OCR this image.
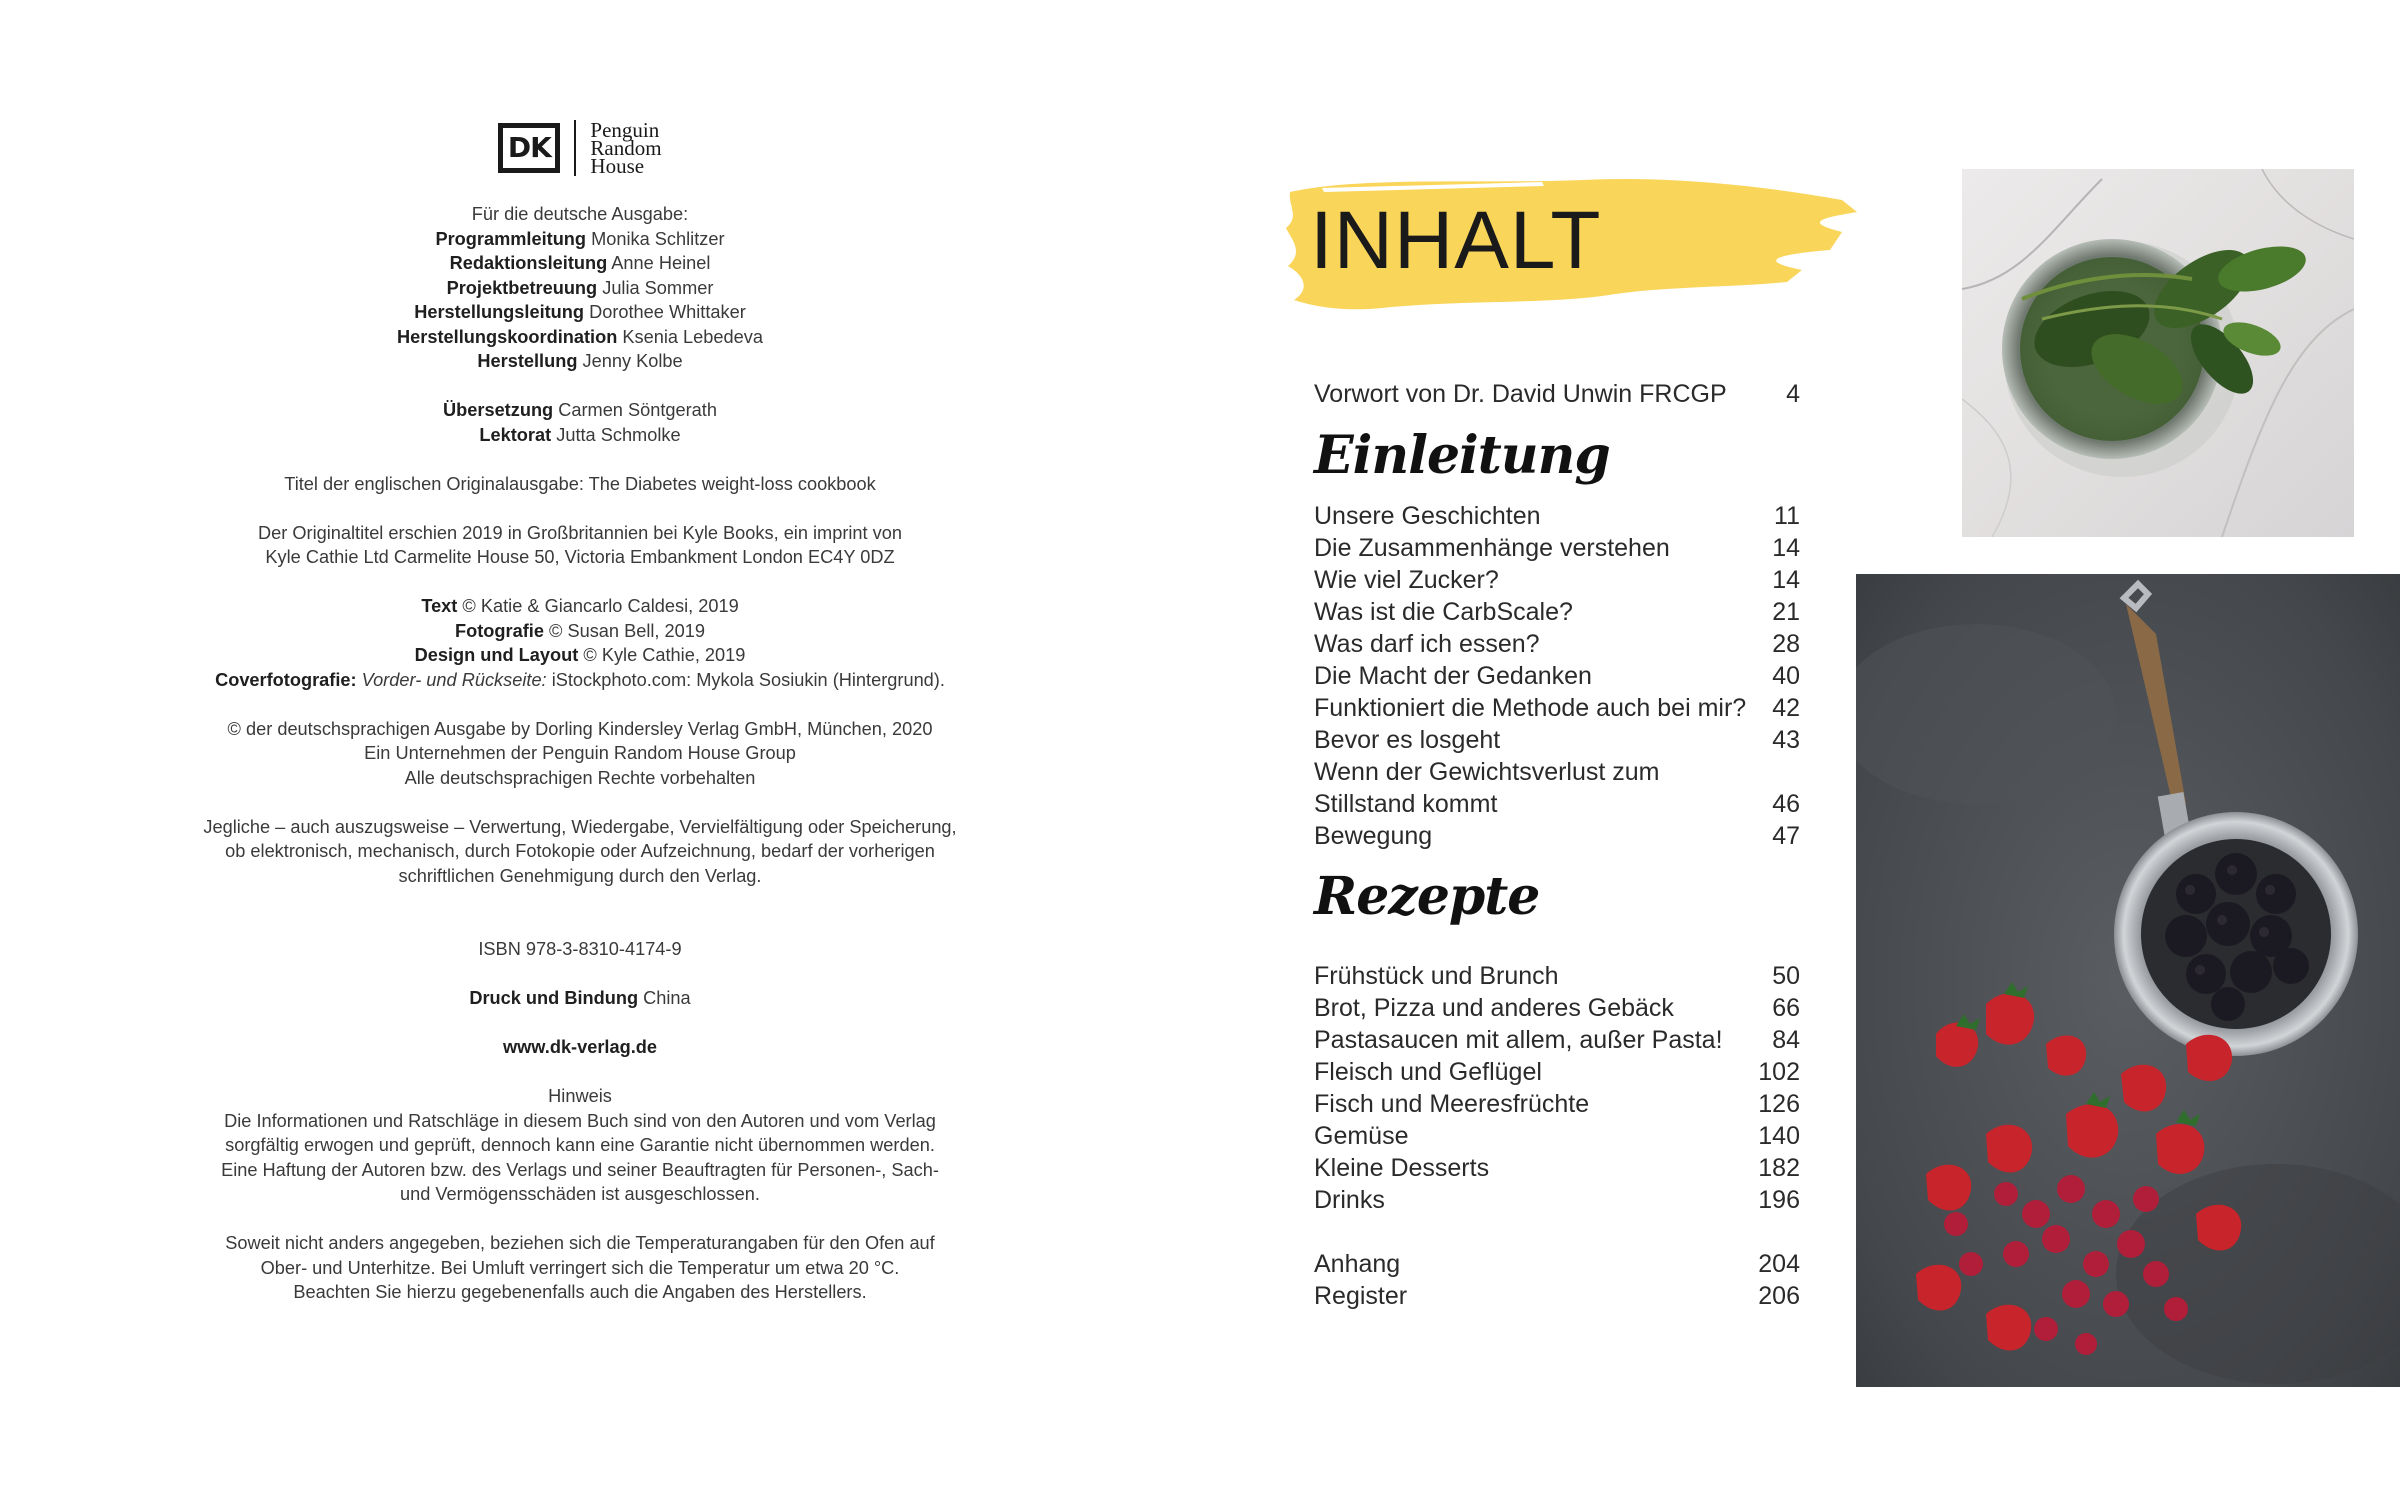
DK
Penguin
Random
House

Für die deutsche Ausgabe:
Programmleitung Monika Schlitzer
Redaktionsleitung Anne Heinel
Projektbetreuung Julia Sommer
Herstellungsleitung Dorothee Whittaker
Herstellungskoordination Ksenia Lebedeva
Herstellung Jenny Kolbe

Übersetzung Carmen Söntgerath
Lektorat Jutta Schmolke

Titel der englischen Originalausgabe: The Diabetes weight-loss cookbook

Der Originaltitel erschien 2019 in Großbritannien bei Kyle Books, ein imprint von
Kyle Cathie Ltd Carmelite House 50, Victoria Embankment London EC4Y 0DZ

Text © Katie & Giancarlo Caldesi, 2019
Fotografie © Susan Bell, 2019
Design und Layout © Kyle Cathie, 2019
Coverfotografie: Vorder- und Rückseite: iStockphoto.com: Mykola Sosiukin (Hintergrund).

© der deutschsprachigen Ausgabe by Dorling Kindersley Verlag GmbH, München, 2020
Ein Unternehmen der Penguin Random House Group
Alle deutschsprachigen Rechte vorbehalten

Jegliche – auch auszugsweise – Verwertung, Wiedergabe, Vervielfältigung oder Speicherung,
ob elektronisch, mechanisch, durch Fotokopie oder Aufzeichnung, bedarf der vorherigen
schriftlichen Genehmigung durch den Verlag.

ISBN 978-3-8310-4174-9

Druck und Bindung China

www.dk-verlag.de

Hinweis
Die Informationen und Ratschläge in diesem Buch sind von den Autoren und vom Verlag
sorgfältig erwogen und geprüft, dennoch kann eine Garantie nicht übernommen werden.
Eine Haftung der Autoren bzw. des Verlags und seiner Beauftragten für Personen-, Sach-
und Vermögensschäden ist ausgeschlossen.

Soweit nicht anders angegeben, beziehen sich die Temperaturangaben für den Ofen auf
Ober- und Unterhitze. Bei Umluft verringert sich die Temperatur um etwa 20 °C.
Beachten Sie hierzu gegebenenfalls auch die Angaben des Herstellers.

INHALT
Vorwort von Dr. David Unwin FRCGP 4
Einleitung
Unsere Geschichten	11
Die Zusammenhänge verstehen	14
Wie viel Zucker?	14
Was ist die CarbScale?	21
Was darf ich essen?	28
Die Macht der Gedanken	40
Funktioniert die Methode auch bei mir? 42
Bevor es losgeht	43
Wenn der Gewichtsverlust zum
Stillstand kommt	46
Bewegung	47
Rezepte
Frühstück und Brunch	50
Brot, Pizza und anderes Gebäck	66
Pastasaucen mit allem, außer Pasta! 84
Fleisch und Geflügel	102
Fisch und Meeresfrüchte	126
Gemüse	140
Kleine Desserts	182
Drinks	196
Anhang	204
Register	206
